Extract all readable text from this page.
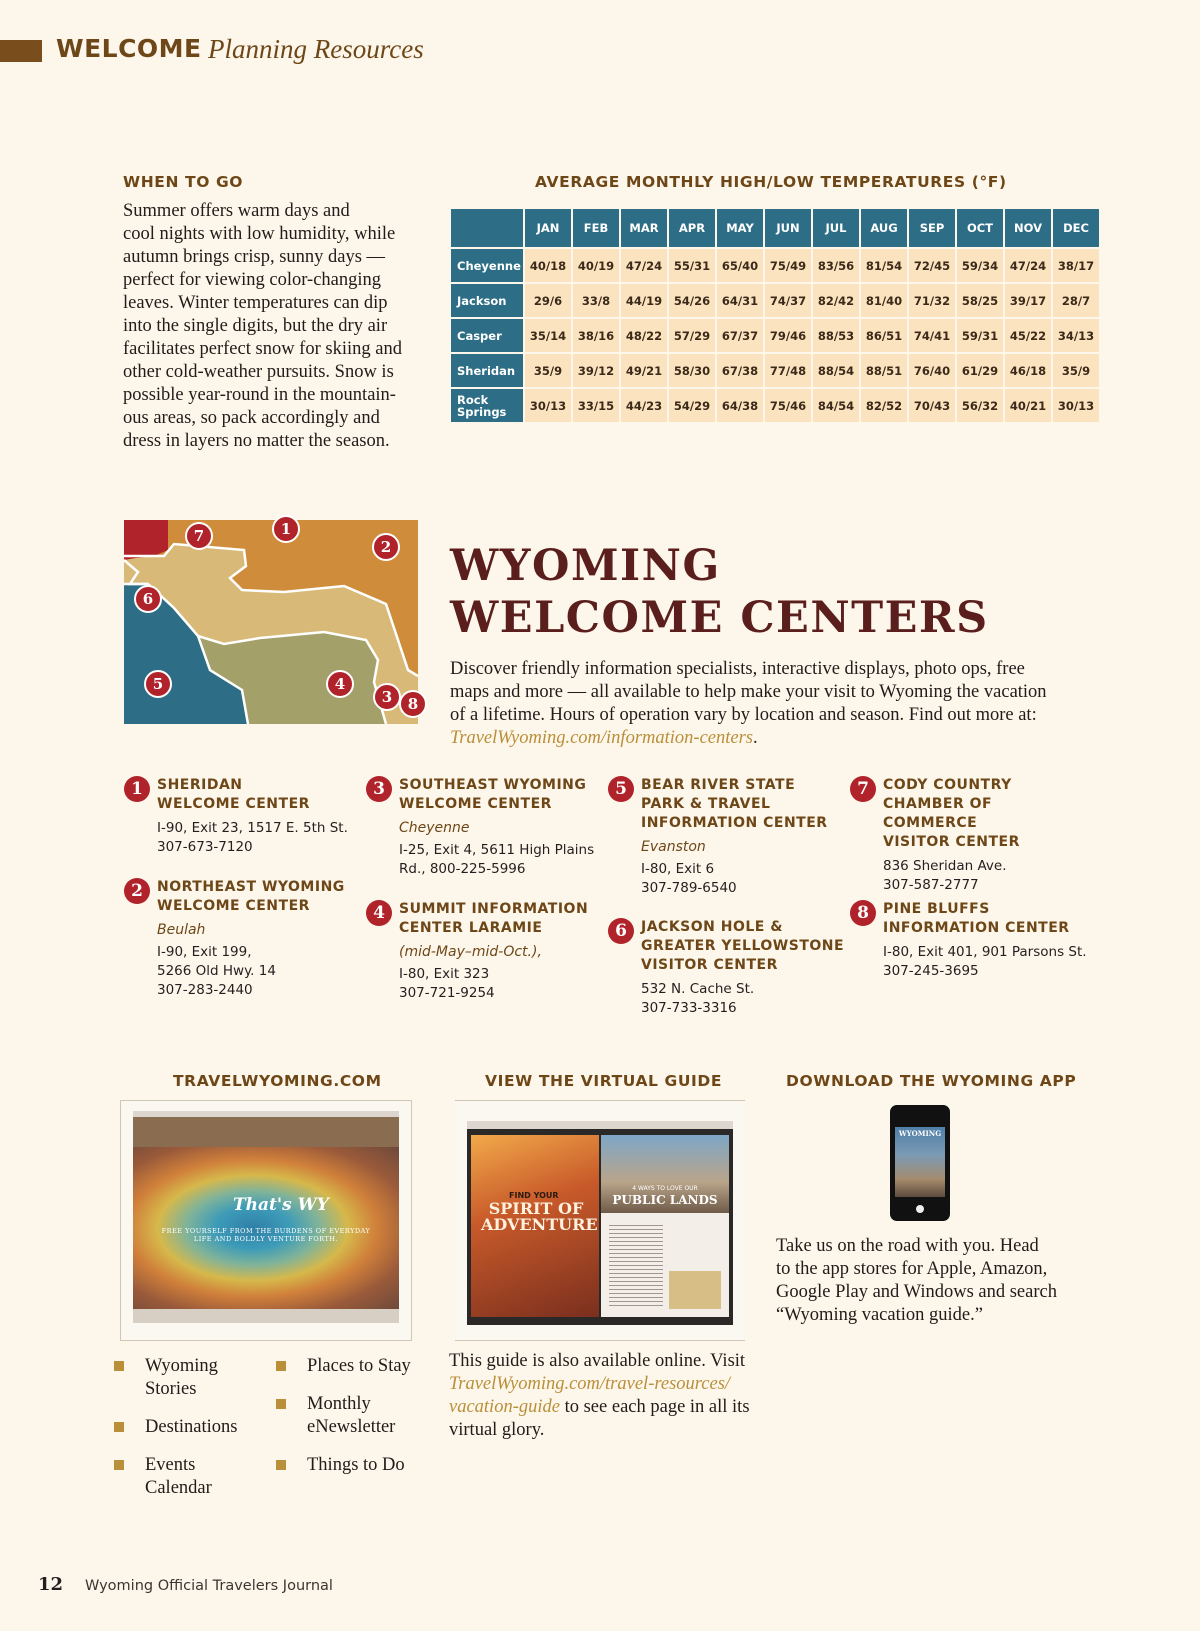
WELCOME Planning Resources
WHEN TO GO
Summer offers warm days and
cool nights with low humidity, while
autumn brings crisp, sunny days —
perfect for viewing color-changing
leaves. Winter temperatures can dip
into the single digits, but the dry air
facilitates perfect snow for skiing and
other cold-weather pursuits. Snow is
possible year-round in the mountain-
ous areas, so pack accordingly and
dress in layers no matter the season.
AVERAGE MONTHLY HIGH/LOW TEMPERATURES (°F)
	JAN	FEB	MAR	APR	MAY	JUN	JUL	AUG	SEP	OCT	NOV	DEC
Cheyenne	40/18	40/19	47/24	55/31	65/40	75/49	83/56	81/54	72/45	59/34	47/24	38/17
Jackson	29/6	33/8	44/19	54/26	64/31	74/37	82/42	81/40	71/32	58/25	39/17	28/7
Casper	35/14	38/16	48/22	57/29	67/37	79/46	88/53	86/51	74/41	59/31	45/22	34/13
Sheridan	35/9	39/12	49/21	58/30	67/38	77/48	88/54	88/51	76/40	61/29	46/18	35/9
Rock Springs	30/13	33/15	44/23	54/29	64/38	75/46	84/54	82/52	70/43	56/32	40/21	30/13
1
2
3
4
5
6
7
8
WYOMING
WELCOME CENTERS
Discover friendly information specialists, interactive displays, photo ops, free
maps and more — all available to help make your visit to Wyoming the vacation
of a lifetime. Hours of operation vary by location and season. Find out more at:
TravelWyoming.com/information-centers.
1	SHERIDAN
WELCOME CENTER
I-90, Exit 23, 1517 E. 5th St.
307-673-7120
2	NORTHEAST WYOMING
WELCOME CENTER
Beulah
I-90, Exit 199,
5266 Old Hwy. 14
307-283-2440
3	SOUTHEAST WYOMING
WELCOME CENTER
Cheyenne
I-25, Exit 4, 5611 High Plains
Rd., 800-225-5996
4	SUMMIT INFORMATION
CENTER LARAMIE
(mid-May–mid-Oct.),
I-80, Exit 323
307-721-9254
5	BEAR RIVER STATE
PARK & TRAVEL
INFORMATION CENTER
Evanston
I-80, Exit 6
307-789-6540
6	JACKSON HOLE &
GREATER YELLOWSTONE
VISITOR CENTER
532 N. Cache St.
307-733-3316
7	CODY COUNTRY
CHAMBER OF COMMERCE
VISITOR CENTER
836 Sheridan Ave.
307-587-2777
8	PINE BLUFFS
INFORMATION CENTER
I-80, Exit 401, 901 Parsons St.
307-245-3695
TRAVELWYOMING.COM
That's WY
FREE YOURSELF FROM THE BURDENS OF EVERYDAY
LIFE AND BOLDLY VENTURE FORTH.
Wyoming Stories
Destinations
Events Calendar
Places to Stay
Monthly eNewsletter
Things to Do
VIEW THE VIRTUAL GUIDE
FIND YOUR
SPIRIT OF
ADVENTURE
4 WAYS TO LOVE OUR
PUBLIC LANDS
This guide is also available online. Visit
TravelWyoming.com/travel-resources/
vacation-guide to see each page in all its
virtual glory.
DOWNLOAD THE WYOMING APP
WYOMING
Take us on the road with you. Head
to the app stores for Apple, Amazon,
Google Play and Windows and search
“Wyoming vacation guide.”
12 Wyoming Official Travelers Journal
